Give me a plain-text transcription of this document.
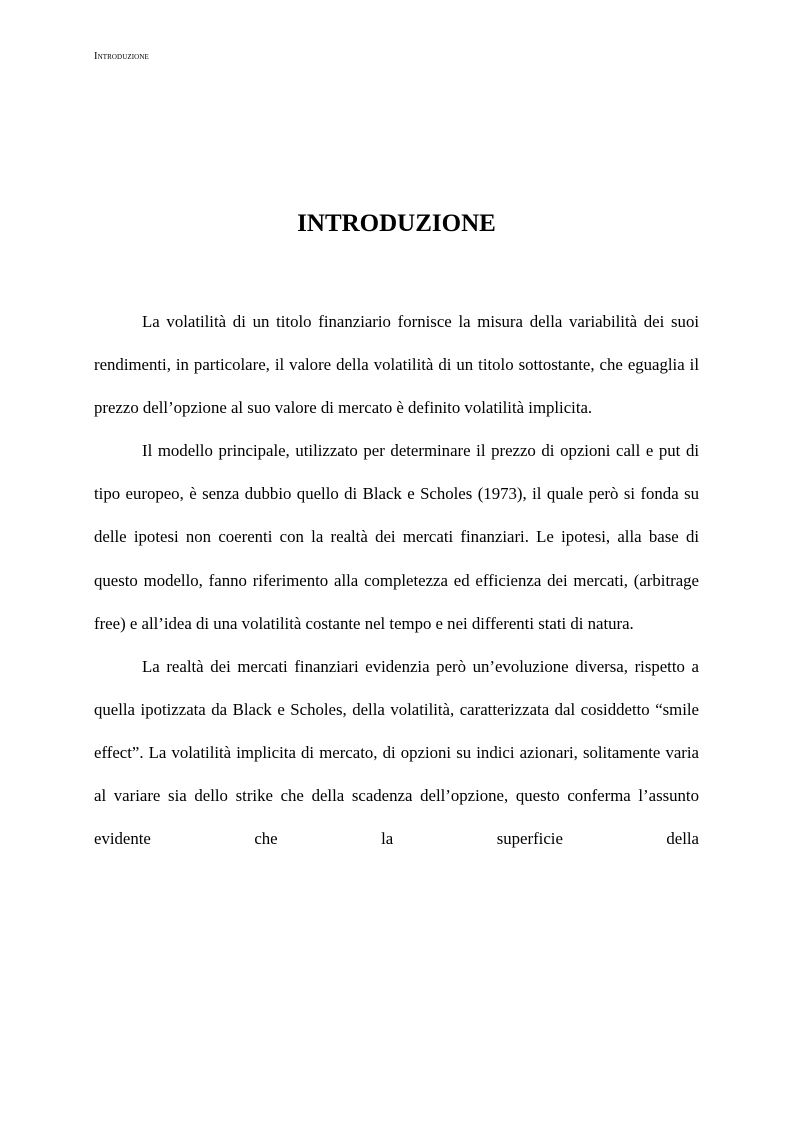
Introduzione
INTRODUZIONE

La volatilità di un titolo finanziario fornisce la misura della variabilità dei suoi rendimenti, in particolare, il valore della volatilità di un titolo sottostante, che eguaglia il prezzo dell’opzione al suo valore di mercato è definito volatilità implicita.

Il modello principale, utilizzato per determinare il prezzo di opzioni call e put di tipo europeo, è senza dubbio quello di Black e Scholes (1973), il quale però si fonda su delle ipotesi non coerenti con la realtà dei mercati finanziari. Le ipotesi, alla base di questo modello, fanno riferimento alla completezza ed efficienza dei mercati, (arbitrage free) e all’idea di una volatilità costante nel tempo e nei differenti stati di natura.

La realtà dei mercati finanziari evidenzia però un’evoluzione diversa, rispetto a quella ipotizzata da Black e Scholes, della volatilità, caratterizzata dal cosiddetto “smile effect”. La volatilità implicita di mercato, di opzioni su indici azionari, solitamente varia al variare sia dello strike che della scadenza dell’opzione, questo conferma l’assunto evidente che la superficie della
